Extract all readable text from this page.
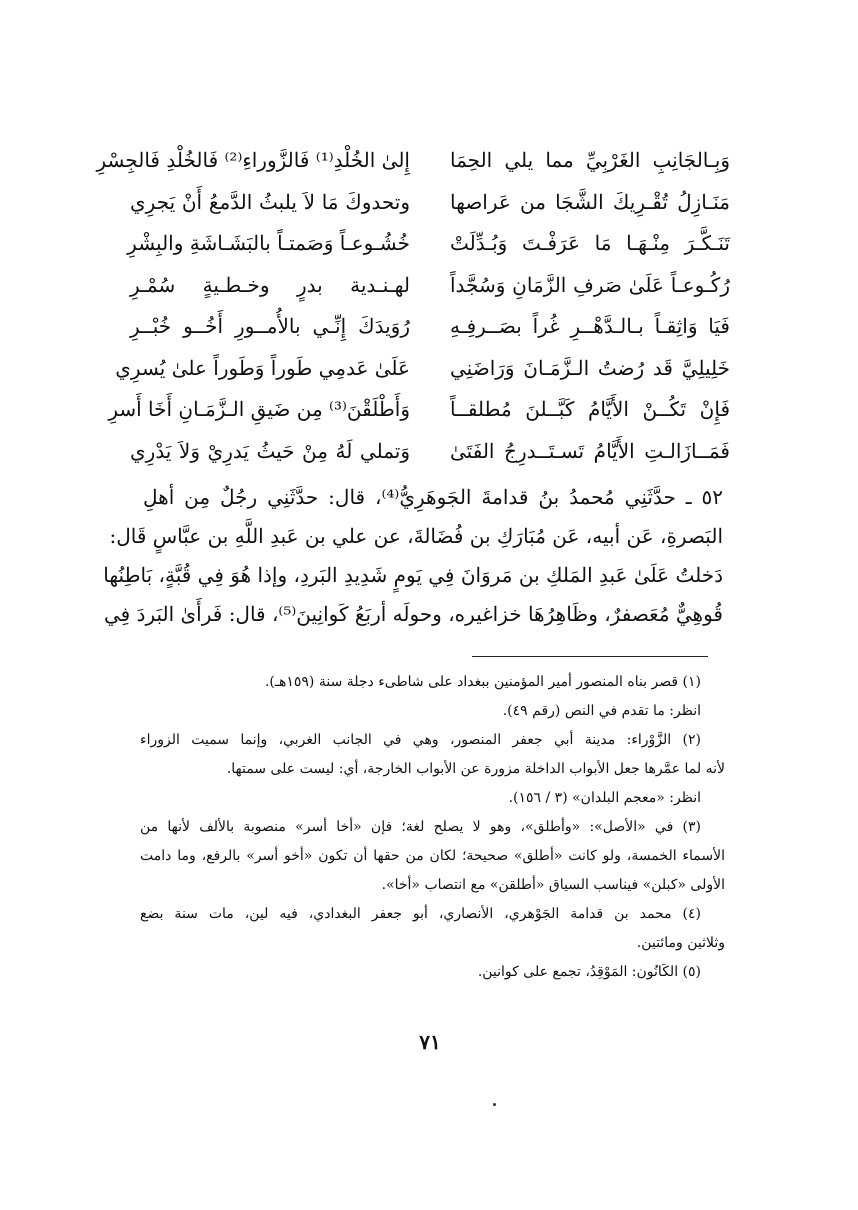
وَبِـالجَانِبِ الغَرْبِيِّ مما يلي الحِمَا
مَنَـازِلُ تُقْـرِيكَ الشَّجَا من عَراصها
تَنَـكَّـرَ مِنْـهَـا مَا عَرَفْـتَ وَبُـدِّلَتْ
رُكُـوعـاً عَلَىٰ صَرفِ الزَّمَانِ وَسُجَّداً
فَيَا وَاثِقـاً بـالـدَّهْــرِ غُراً بصَــرفِـهِ
خَلِيلِيَّ قَد رُضتُ الـزَّمَـانَ وَرَاضَنِي
فَإِنْ تَكُــنْ الأَيَّامُ كَبَّــلنَ مُطلقــاً
فَمَــازَالـتِ الأَيَّامُ تَسـتَــدرِجُ الفَتَىٰ
إِلىٰ الخُلْدِ⁽¹⁾ فَالزَّوراءِ⁽²⁾ فَالخُلْدِ فَالجِسْرِ
وتحدوكَ مَا لاَ يلبثُ الدَّمعُ أَنْ يَجرِي
خُشُـوعـاً وَصَمتـاً بالبَشَـاشَةِ والبِشْرِ
لهـنـدية بدرٍ وخـطـيةٍ سُمْـرِ
رُوَيدَكَ إِنِّـي بالأُمــورِ أَخُــو خُبْــرِ
عَلَىٰ عَدمِي طَوراً وَطَوراً علىٰ يُسرِي
وَأَطْلَقْنَ⁽³⁾ مِن ضَيقِ الـزَّمَـانِ أَخَا أَسرِ
وَتملي لَهُ مِنْ حَيثُ يَدرِيْ وَلاَ يَدْرِي
٥٢ ـ حدَّثَنِي مُحمدُ بنُ قدامةَ الجَوهَرِيُّ⁽⁴⁾، قال: حدَّثَنِي رجُلٌ مِن أهلِ
البَصرةِ، عَن أبيه، عَن مُبَارَكِ بن فُضَالةَ، عن علي بن عَبدِ اللَّهِ بن عبَّاسٍ قَال:
دَخلتُ عَلَىٰ عَبدِ المَلكِ بن مَروَانَ فِي يَومٍ شَدِيدِ البَردِ، وإذا هُوَ فِي قُبَّةٍ، بَاطِنُها
قُوهِيٌّ مُعَصفرٌ، وظَاهِرُهَا خزاغيره، وحولَه أربَعُ كَوانِينَ⁽⁵⁾، قال: فَرأَىٰ البَردَ فِي
(١) قصر بناه المنصور أمير المؤمنين ببغداد على شاطىء دجلة سنة (١٥٩هـ).
انظر: ما تقدم في النص (رقم ٤٩).
(٢) الزَّوْراء: مدينة أبي جعفر المنصور، وهي في الجانب الغربي، وإنما سميت الزوراء
لأنه لما عمَّرها جعل الأبواب الداخلة مزورة عن الأبواب الخارجة، أي: ليست على سمتها.
انظر: «معجم البلدان» (٣ / ١٥٦).
(٣) في «الأصل»: «وأطلق»، وهو لا يصلح لغة؛ فإن «أخا أسر» منصوبة بالألف لأنها من
الأسماء الخمسة، ولو كانت «أطلق» صحيحة؛ لكان من حقها أن تكون «أخو أسر» بالرفع، وما دامت
الأولى «كبلن» فيناسب السياق «أطلقن» مع انتصاب «أخا».
(٤) محمد بن قدامة الجَوْهري، الأنصاري، أبو جعفر البغدادي، فيه لين، مات سنة بضع
وثلاثين ومائتين.
(٥) الكَانُون: المَوْقِدُ، تجمع على كوانين.
٧١
